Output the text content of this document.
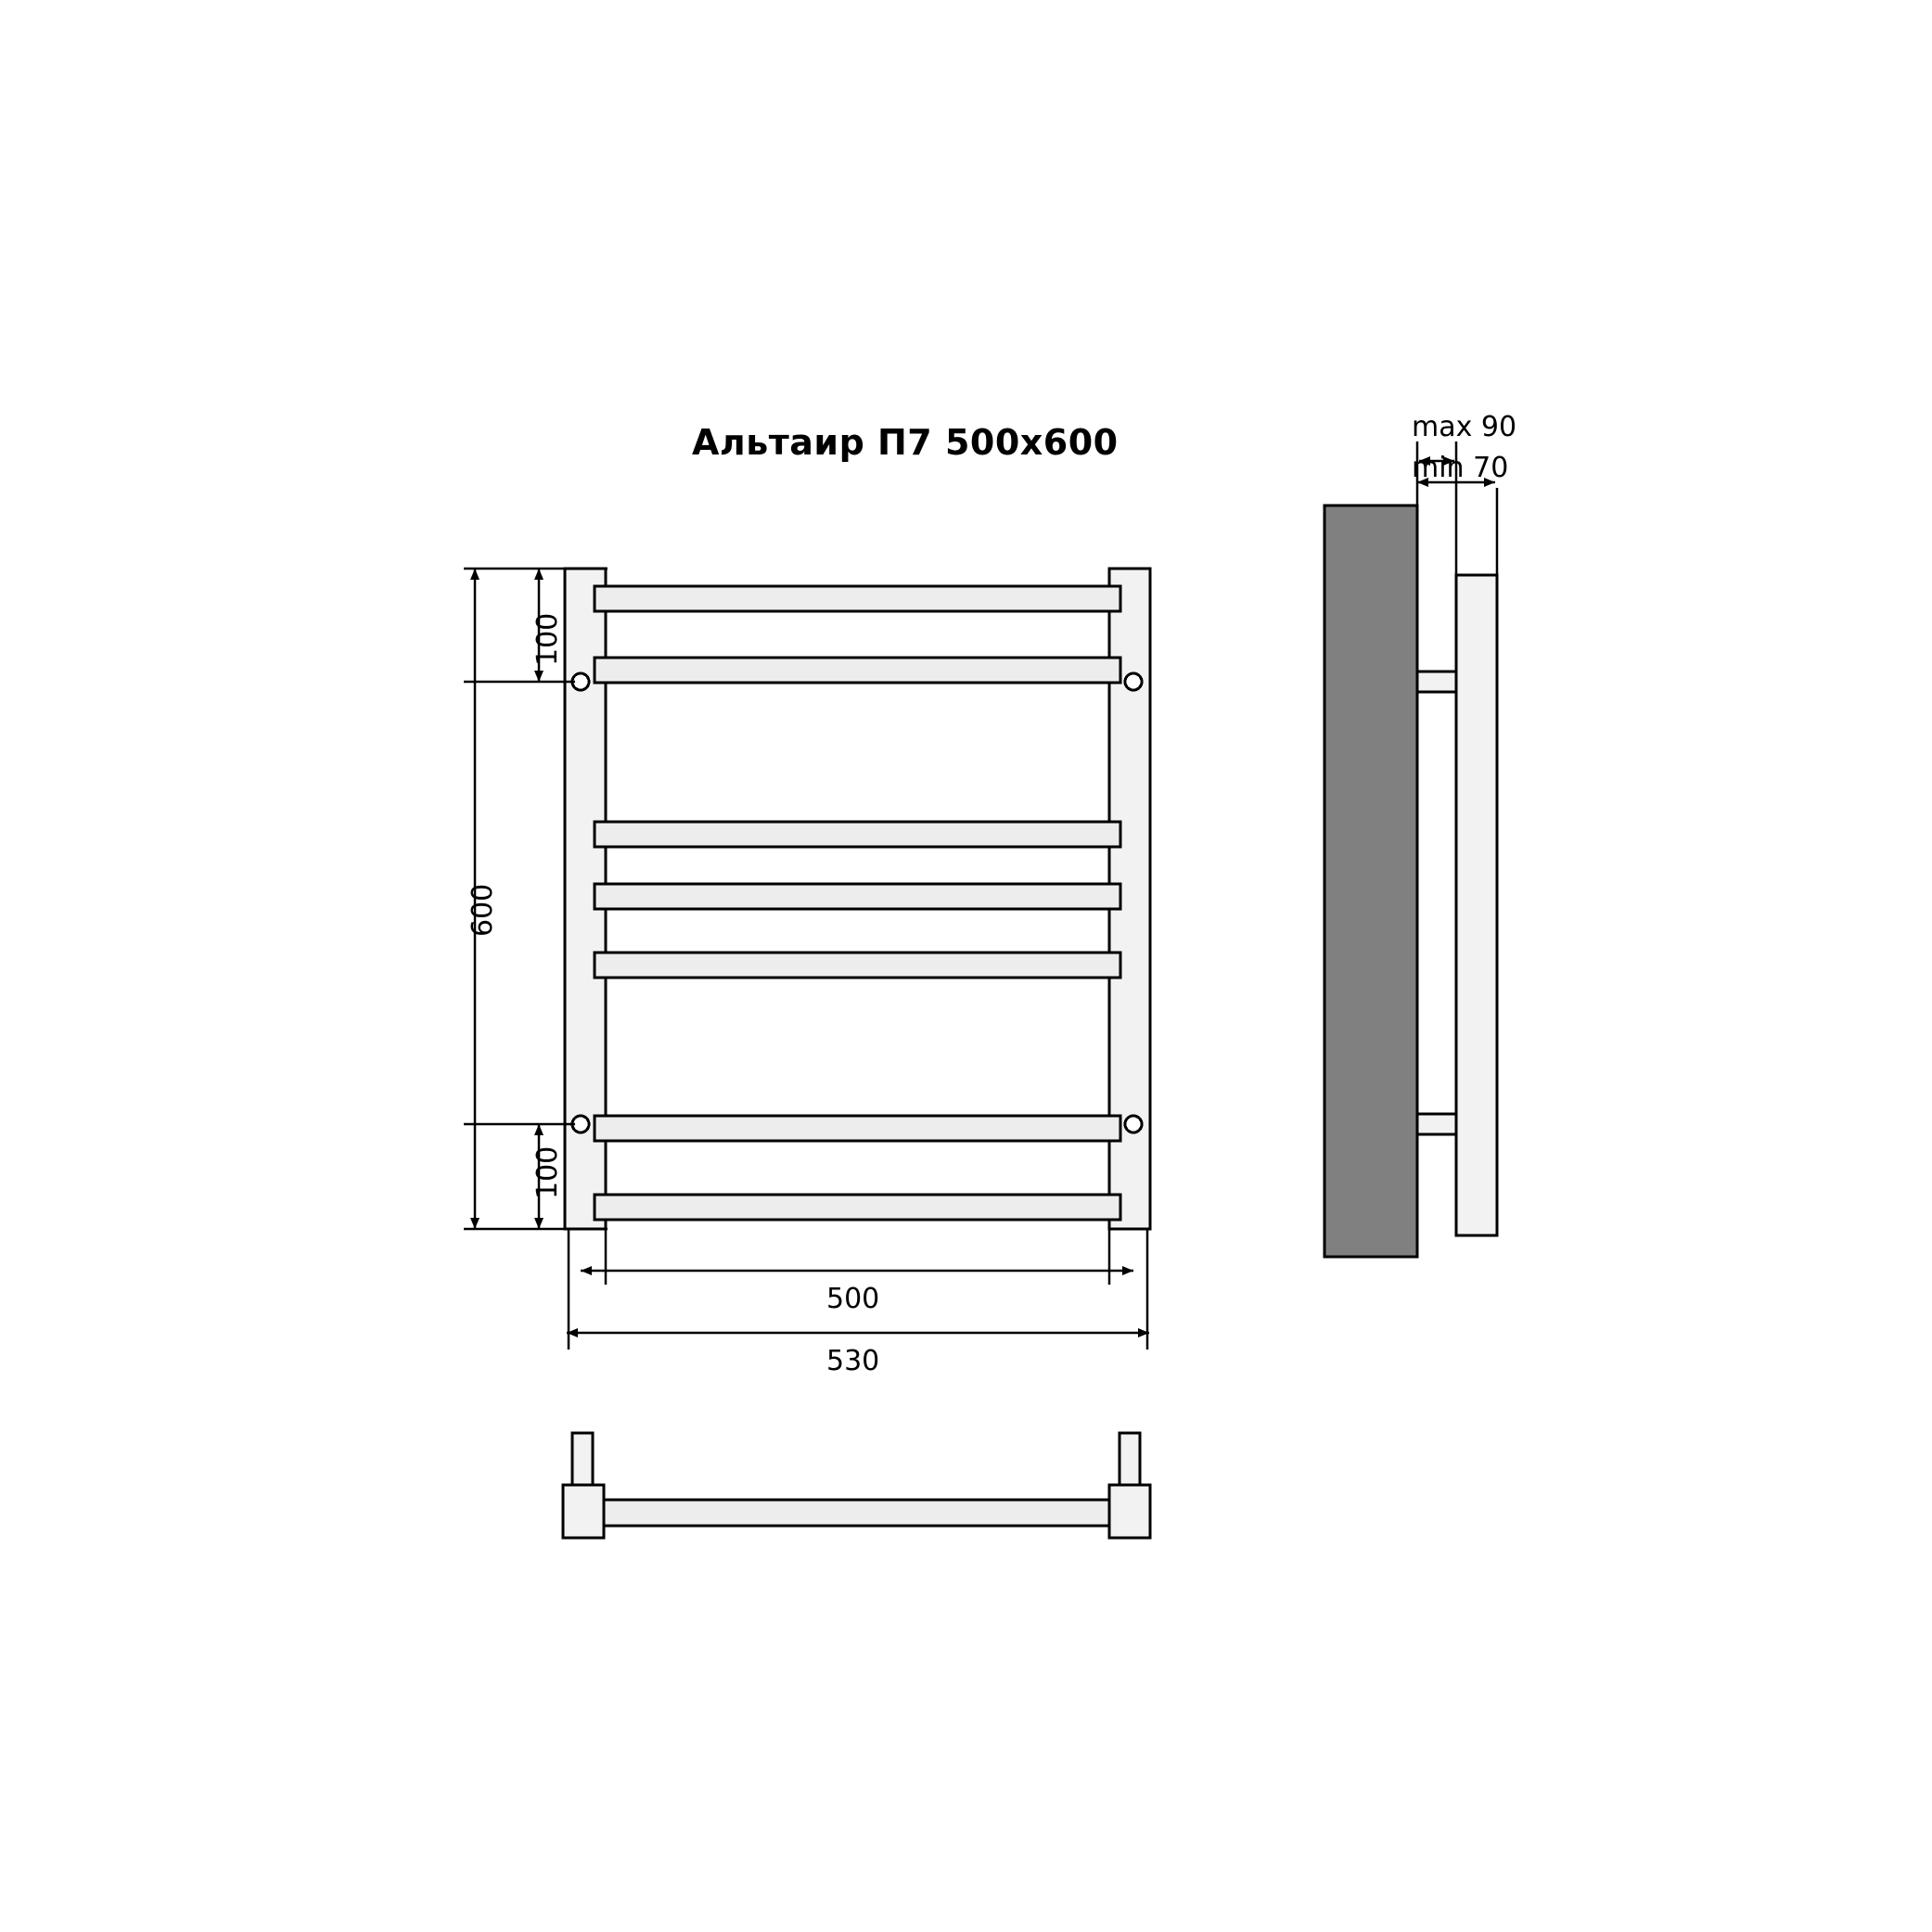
Альтаир П7 500x600
100
600
100
500
530
max 90
min 70
